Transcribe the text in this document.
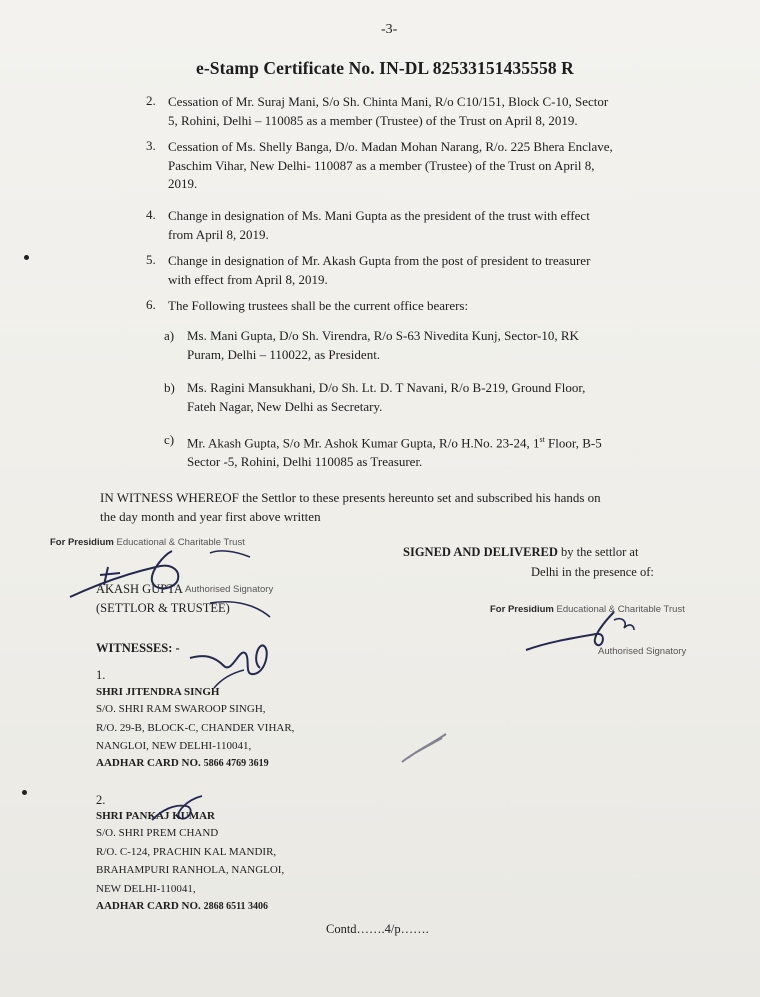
-3-
e-Stamp Certificate No. IN-DL 82533151435558 R
2. Cessation of Mr. Suraj Mani, S/o Sh. Chinta Mani, R/o C10/151, Block C-10, Sector
5, Rohini, Delhi – 110085 as a member (Trustee) of the Trust on April 8, 2019.
3. Cessation of Ms. Shelly Banga, D/o. Madan Mohan Narang, R/o. 225 Bhera Enclave,
Paschim Vihar, New Delhi- 110087 as a member (Trustee) of the Trust on April 8,
2019.
4. Change in designation of Ms. Mani Gupta as the president of the trust with effect
from April 8, 2019.
5. Change in designation of Mr. Akash Gupta from the post of president to treasurer
with effect from April 8, 2019.
6. The Following trustees shall be the current office bearers:
a) Ms. Mani Gupta, D/o Sh. Virendra, R/o S-63 Nivedita Kunj, Sector-10, RK
Puram, Delhi – 110022, as President.
b) Ms. Ragini Mansukhani, D/o Sh. Lt. D. T Navani, R/o B-219, Ground Floor,
Fateh Nagar, New Delhi as Secretary.
c) Mr. Akash Gupta, S/o Mr. Ashok Kumar Gupta, R/o H.No. 23-24, 1st Floor, B-5
Sector -5, Rohini, Delhi 110085 as Treasurer.
IN WITNESS WHEREOF the Settlor to these presents hereunto set and subscribed his hands on
the day month and year first above written
For Presidium Educational & Charitable Trust
Authorised Signatory
AKASH GUPTA
(SETTLOR & TRUSTEE)
SIGNED AND DELIVERED by the settlor at
Delhi in the presence of:
For Presidium Educational & Charitable Trust
Authorised Signatory
WITNESSES: -
1.
SHRI JITENDRA SINGH
S/O. SHRI RAM SWAROOP SINGH,
R/O. 29-B, BLOCK-C, CHANDER VIHAR,
NANGLOI, NEW DELHI-110041,
AADHAR CARD NO. 5866 4769 3619
2.
SHRI PANKAJ KUMAR
S/O. SHRI PREM CHAND
R/O. C-124, PRACHIN KAL MANDIR,
BRAHAMPURI RANHOLA, NANGLOI,
NEW DELHI-110041,
AADHAR CARD NO. 2868 6511 3406
Contd…….4/p…….
